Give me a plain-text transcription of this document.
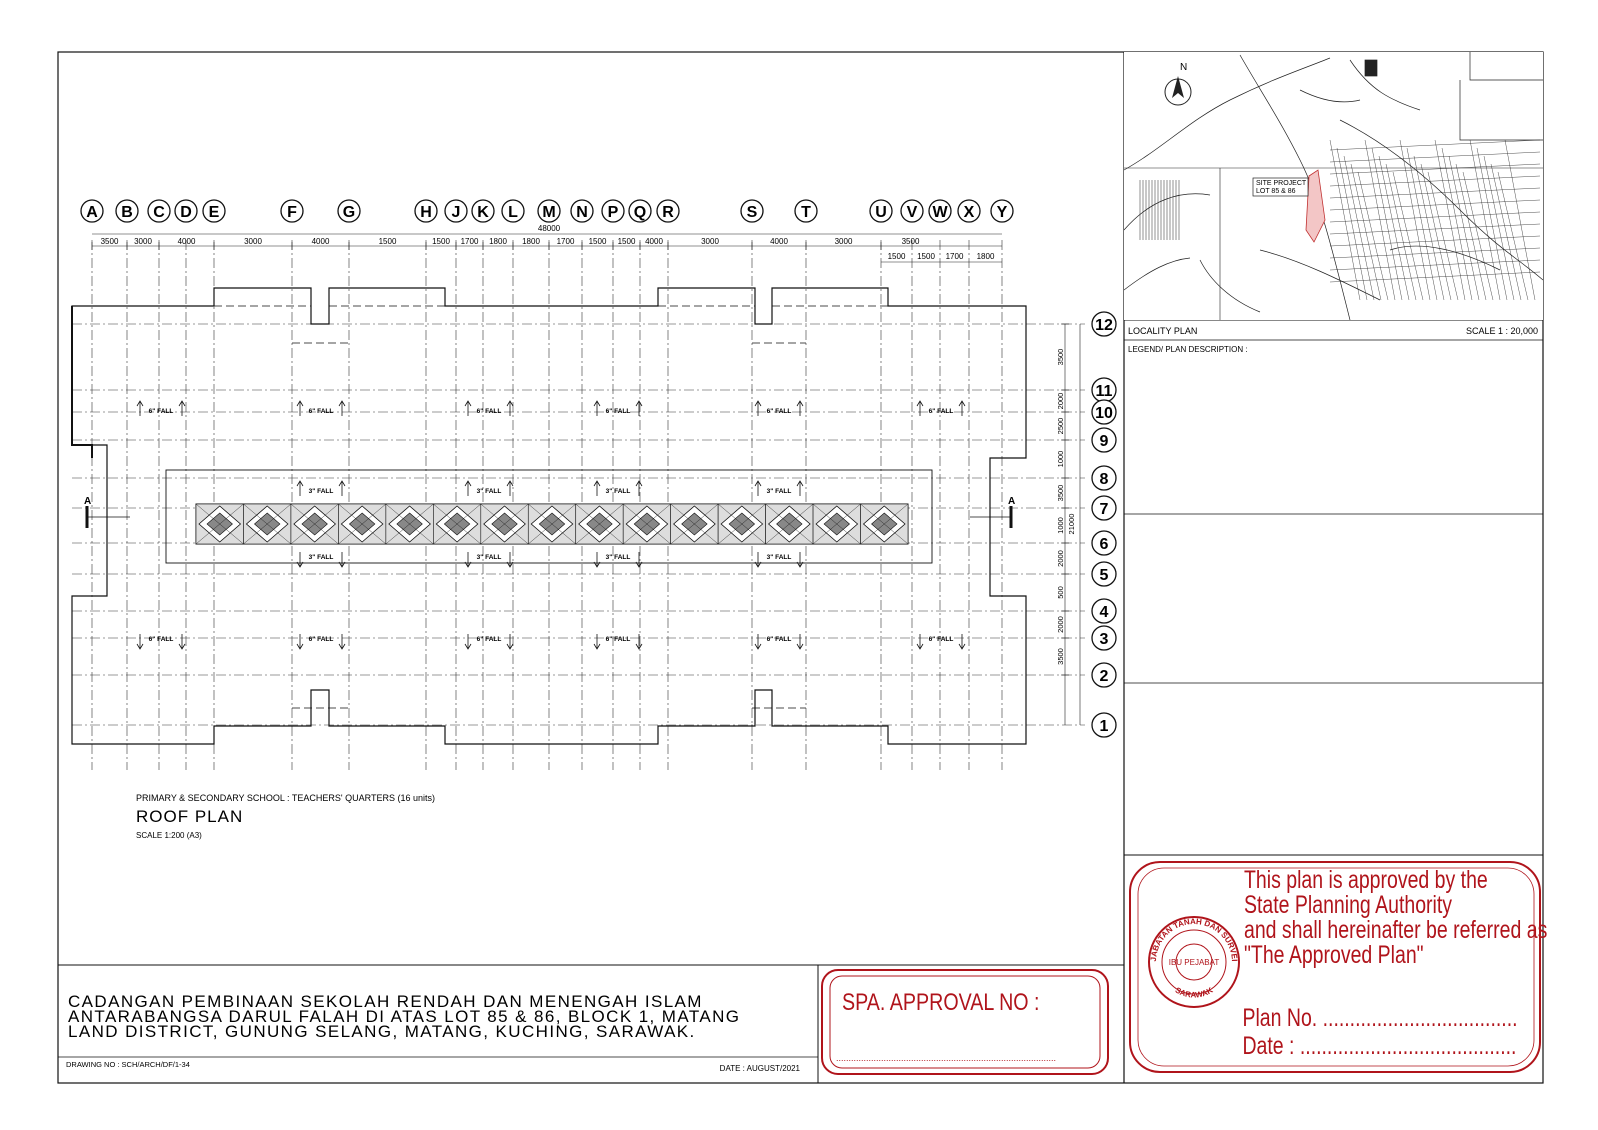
SITE PROJECT
LOT 85 & 86
N
LOCALITY PLAN	SCALE 1 : 20,000
LEGEND/ PLAN DESCRIPTION :
6" FALL	6" FALL	6" FALL	6" FALL	6" FALL	6" FALL
6" FALL	6" FALL	6" FALL	6" FALL	6" FALL	6" FALL
3" FALL	3" FALL	3" FALL	3" FALL
3" FALL	3" FALL	3" FALL	3" FALL
A B C D E	F	G	H J K L M N P Q R	S	T	U V W X Y
12
11
10
9
8
7
6
5
4
3
2
1
48000
3500 3000	4000	3000	4000	1500	1500 1700 1800 1800 1700 1500 1500 4000	3000	4000	3000	3500
1500 1500 1700 1800
3500
2000
2500
1000
3500
1000
2000
500
2000
3500
21000
A	A
PRIMARY & SECONDARY SCHOOL : TEACHERS' QUARTERS (16 units)
ROOF PLAN
SCALE 1:200 (A3)
CADANGAN PEMBINAAN SEKOLAH RENDAH DAN MENENGAH ISLAM
ANTARABANGSA DARUL FALAH DI ATAS LOT 85 & 86, BLOCK 1, MATANG
LAND DISTRICT, GUNUNG SELANG, MATANG, KUCHING, SARAWAK.
DRAWING NO : SCH/ARCH/DF/1-34	DATE : AUGUST/2021
SPA. APPROVAL NO :
........................................................................................
JABATAN TANAH DAN SURVEI
SARAWAK
IBU PEJABAT
This plan is approved by the
State Planning Authority
and shall hereinafter be referred as
"The Approved Plan"
Plan No. ....................................
Date : ........................................
